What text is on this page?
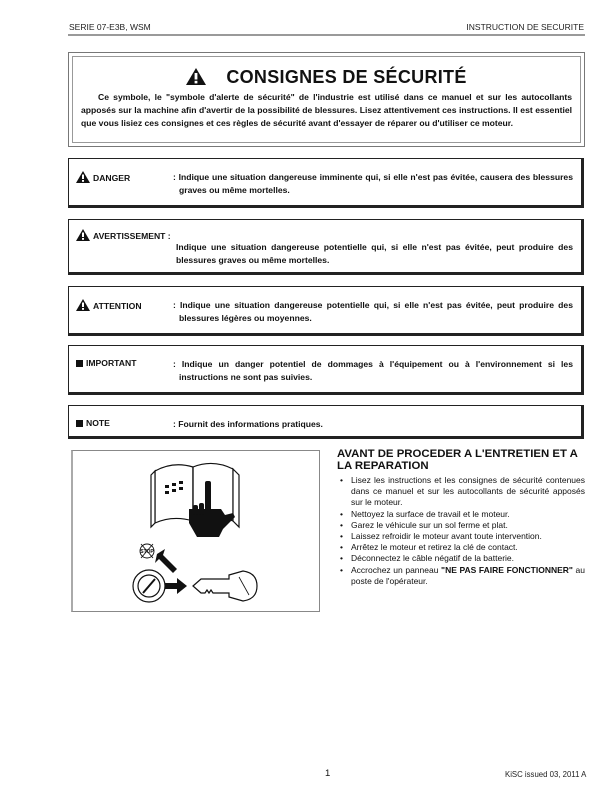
SERIE 07-E3B, WSM	INSTRUCTION DE SECURITE
CONSIGNES DE SÉCURITÉ
Ce symbole, le "symbole d'alerte de sécurité" de l'industrie est utilisé dans ce manuel et sur les autocollants apposés sur la machine afin d'avertir de la possibilité de blessures. Lisez attentivement ces instructions. Il est essentiel que vous lisiez ces consignes et ces règles de sécurité avant d'essayer de réparer ou d'utiliser ce moteur.
DANGER	: Indique une situation dangereuse imminente qui, si elle n'est pas évitée, causera des blessures graves ou même mortelles.
AVERTISSEMENT :
Indique une situation dangereuse potentielle qui, si elle n'est pas évitée, peut produire des blessures graves ou même mortelles.
ATTENTION	: Indique une situation dangereuse potentielle qui, si elle n'est pas évitée, peut produire des blessures légères ou moyennes.
IMPORTANT	: Indique un danger potentiel de dommages à l'équipement ou à l'environnement si les instructions ne sont pas suivies.
NOTE	: Fournit des informations pratiques.
STOP
AVANT DE PROCEDER A L'ENTRETIEN ET A LA REPARATION
• Lisez les instructions et les consignes de sécurité contenues dans ce manuel et sur les autocollants de sécurité apposés sur le moteur.
• Nettoyez la surface de travail et le moteur.
• Garez le véhicule sur un sol ferme et plat.
• Laissez refroidir le moteur avant toute intervention.
• Arrêtez le moteur et retirez la clé de contact.
• Déconnectez le câble négatif de la batterie.
• Accrochez un panneau "NE PAS FAIRE FONCTIONNER" au poste de l'opérateur.
1	KiSC issued 03, 2011 A
